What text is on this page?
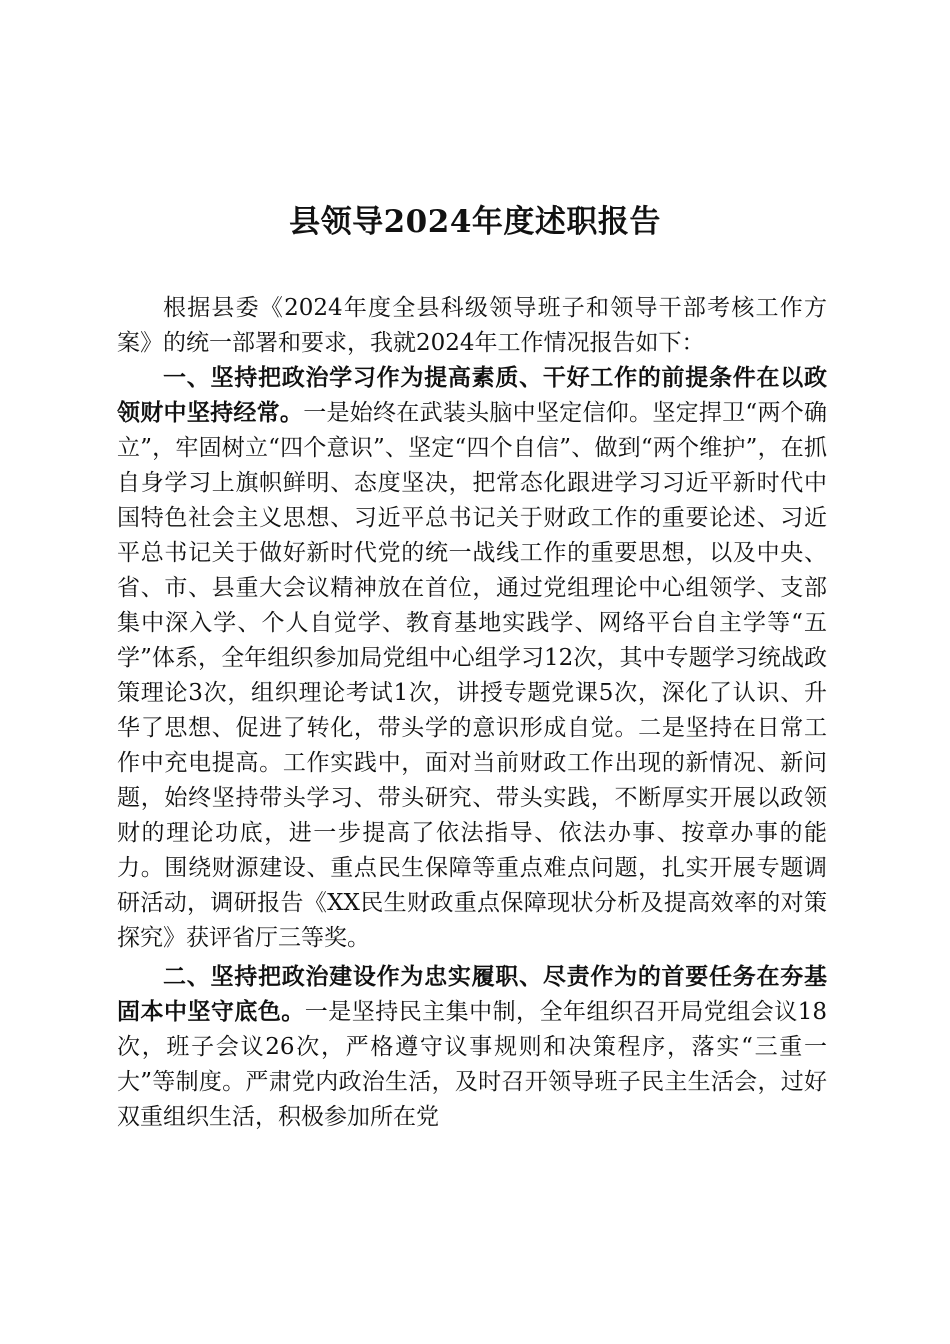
县领导2024年度述职报告

根据县委《2024年度全县科级领导班子和领导干部考核工作方案》的统一部署和要求，我就2024年工作情况报告如下：

一、坚持把政治学习作为提高素质、干好工作的前提条件在以政领财中坚持经常。一是始终在武装头脑中坚定信仰。坚定捍卫“两个确立”，牢固树立“四个意识”、坚定“四个自信”、做到“两个维护”，在抓自身学习上旗帜鲜明、态度坚决，把常态化跟进学习习近平新时代中国特色社会主义思想、习近平总书记关于财政工作的重要论述、习近平总书记关于做好新时代党的统一战线工作的重要思想，以及中央、省、市、县重大会议精神放在首位，通过党组理论中心组领学、支部集中深入学、个人自觉学、教育基地实践学、网络平台自主学等“五学”体系，全年组织参加局党组中心组学习12次，其中专题学习统战政策理论3次，组织理论考试1次，讲授专题党课5次，深化了认识、升华了思想、促进了转化，带头学的意识形成自觉。二是坚持在日常工作中充电提高。工作实践中，面对当前财政工作出现的新情况、新问题，始终坚持带头学习、带头研究、带头实践，不断厚实开展以政领财的理论功底，进一步提高了依法指导、依法办事、按章办事的能力。围绕财源建设、重点民生保障等重点难点问题，扎实开展专题调研活动，调研报告《XX民生财政重点保障现状分析及提高效率的对策探究》获评省厅三等奖。

二、坚持把政治建设作为忠实履职、尽责作为的首要任务在夯基固本中坚守底色。一是坚持民主集中制，全年组织召开局党组会议18次，班子会议26次，严格遵守议事规则和决策程序，落实“三重一大”等制度。严肃党内政治生活，及时召开领导班子民主生活会，过好双重组织生活，积极参加所在党
